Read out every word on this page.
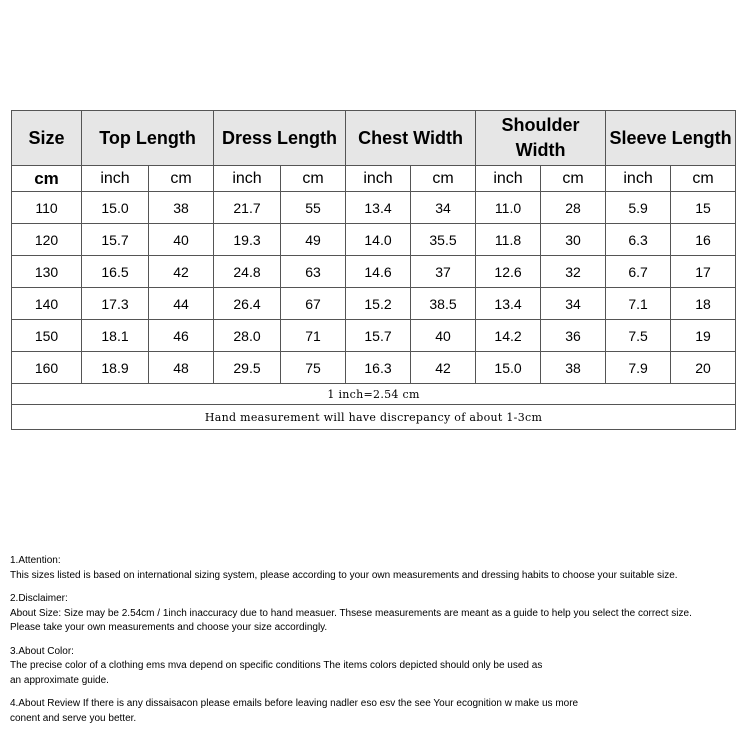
Size	Top Length		Dress Length		Chest Width		Shoulder Width		Sleeve Length	
cm	inch	cm	inch	cm	inch	cm	inch	cm	inch	cm
110	15.0	38	21.7	55	13.4	34	11.0	28	5.9	15
120	15.7	40	19.3	49	14.0	35.5	11.8	30	6.3	16
130	16.5	42	24.8	63	14.6	37	12.6	32	6.7	17
140	17.3	44	26.4	67	15.2	38.5	13.4	34	7.1	18
150	18.1	46	28.0	71	15.7	40	14.2	36	7.5	19
160	18.9	48	29.5	75	16.3	42	15.0	38	7.9	20
1 inch=2.54 cm										
Hand measurement will have discrepancy of about 1-3cm										

1.Attention:

This sizes listed is based on international sizing system, please according to your own measurements and dressing habits to choose your suitable size.

2.Disclaimer:

About Size: Size may be 2.54cm / 1inch inaccuracy due to hand measuer. Thsese measurements are meant as a guide to help you select the correct size.

Please take your own measurements and choose your size accordingly.

3.About Color:

The precise color of a clothing ems mva depend on specific conditions The items colors depicted should only be used as

an approximate guide.

4.About Review If there is any dissaisacon please emails before leaving nadler eso esv the see Your ecognition w make us more

conent and serve you better.
